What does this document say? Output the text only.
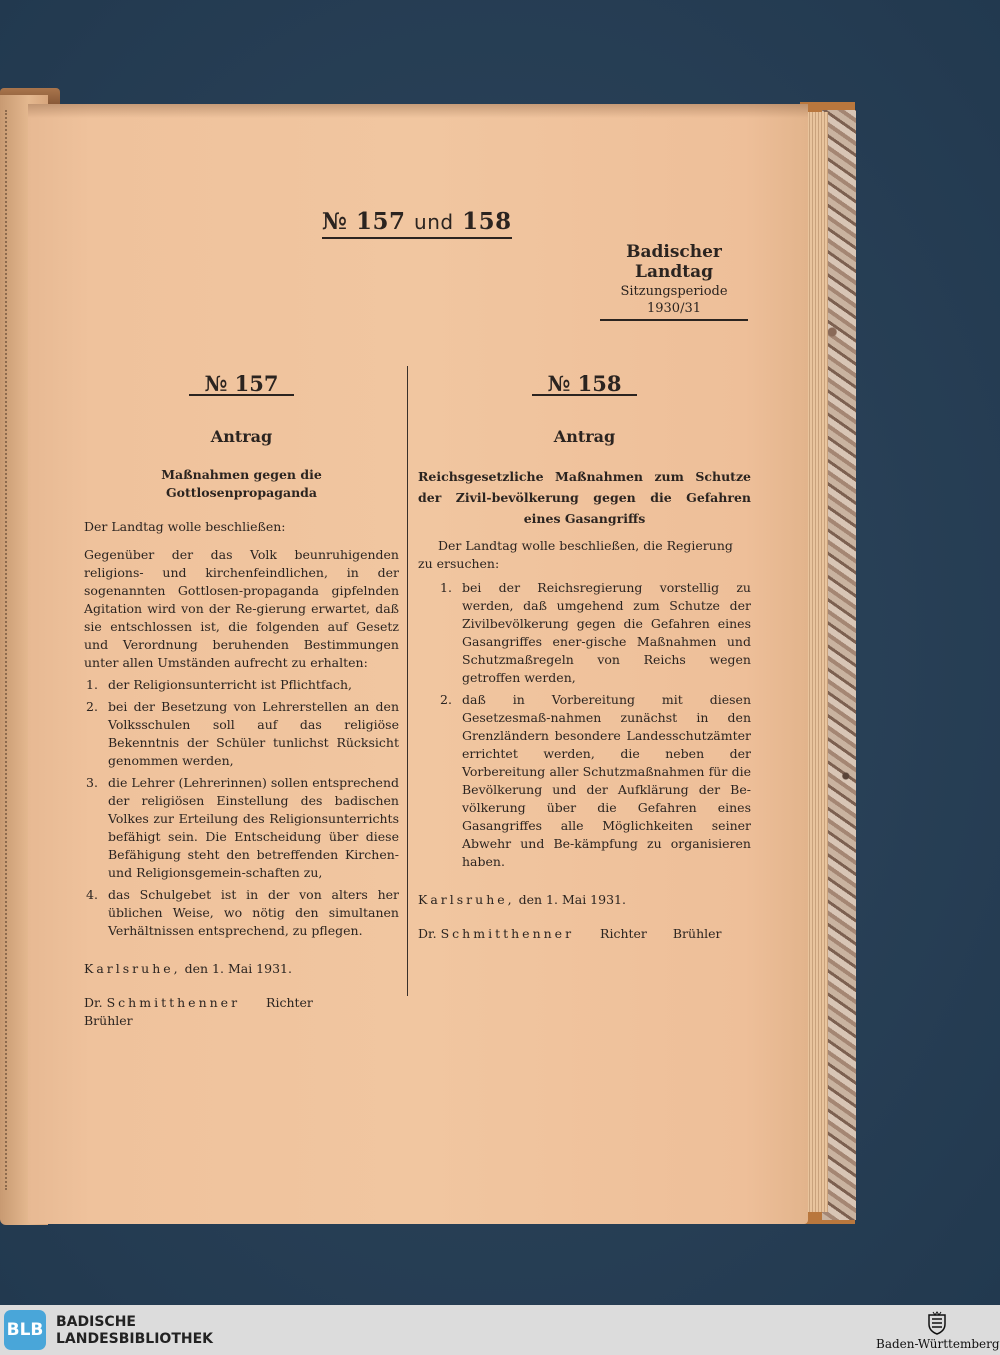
№ 157 und 158
Badischer Landtag
Sitzungsperiode
1930/31
№ 157
Antrag
Maßnahmen gegen die Gottlosenpropaganda
Der Landtag wolle beschließen:
Gegenüber der das Volk beunruhigenden religions- und kirchenfeindlichen, in der sogenannten Gottlosen-propaganda gipfelnden Agitation wird von der Re-gierung erwartet, daß sie entschlossen ist, die folgenden auf Gesetz und Verordnung beruhenden Bestimmungen unter allen Umständen aufrecht zu erhalten:
1. der Religionsunterricht ist Pflichtfach,
2. bei der Besetzung von Lehrerstellen an den Volksschulen soll auf das religiöse Bekenntnis der Schüler tunlichst Rücksicht genommen werden,
3. die Lehrer (Lehrerinnen) sollen entsprechend der religiösen Einstellung des badischen Volkes zur Erteilung des Religionsunterrichts befähigt sein. Die Entscheidung über diese Befähigung steht den betreffenden Kirchen- und Religionsgemein-schaften zu,
4. das Schulgebet ist in der von alters her üblichen Weise, wo nötig den simultanen Verhältnissen entsprechend, zu pflegen.
Karlsruhe, den 1. Mai 1931.
Dr. Schmitthenner Richter Brühler
№ 158
Antrag
Reichsgesetzliche Maßnahmen zum Schutze der Zivil-bevölkerung gegen die Gefahren eines Gasangriffs
Der Landtag wolle beschließen, die Regierung zu ersuchen:
1. bei der Reichsregierung vorstellig zu werden, daß umgehend zum Schutze der Zivilbevölkerung gegen die Gefahren eines Gasangriffes ener-gische Maßnahmen und Schutzmaßregeln von Reichs wegen getroffen werden,
2. daß in Vorbereitung mit diesen Gesetzesmaß-nahmen zunächst in den Grenzländern besondere Landesschutzämter errichtet werden, die neben der Vorbereitung aller Schutzmaßnahmen für die Bevölkerung und der Aufklärung der Be-völkerung über die Gefahren eines Gasangriffes alle Möglichkeiten seiner Abwehr und Be-kämpfung zu organisieren haben.
Karlsruhe, den 1. Mai 1931.
Dr. Schmitthenner Richter Brühler
BLB BADISCHE
LANDESBIBLIOTHEK	Baden-Württemberg
